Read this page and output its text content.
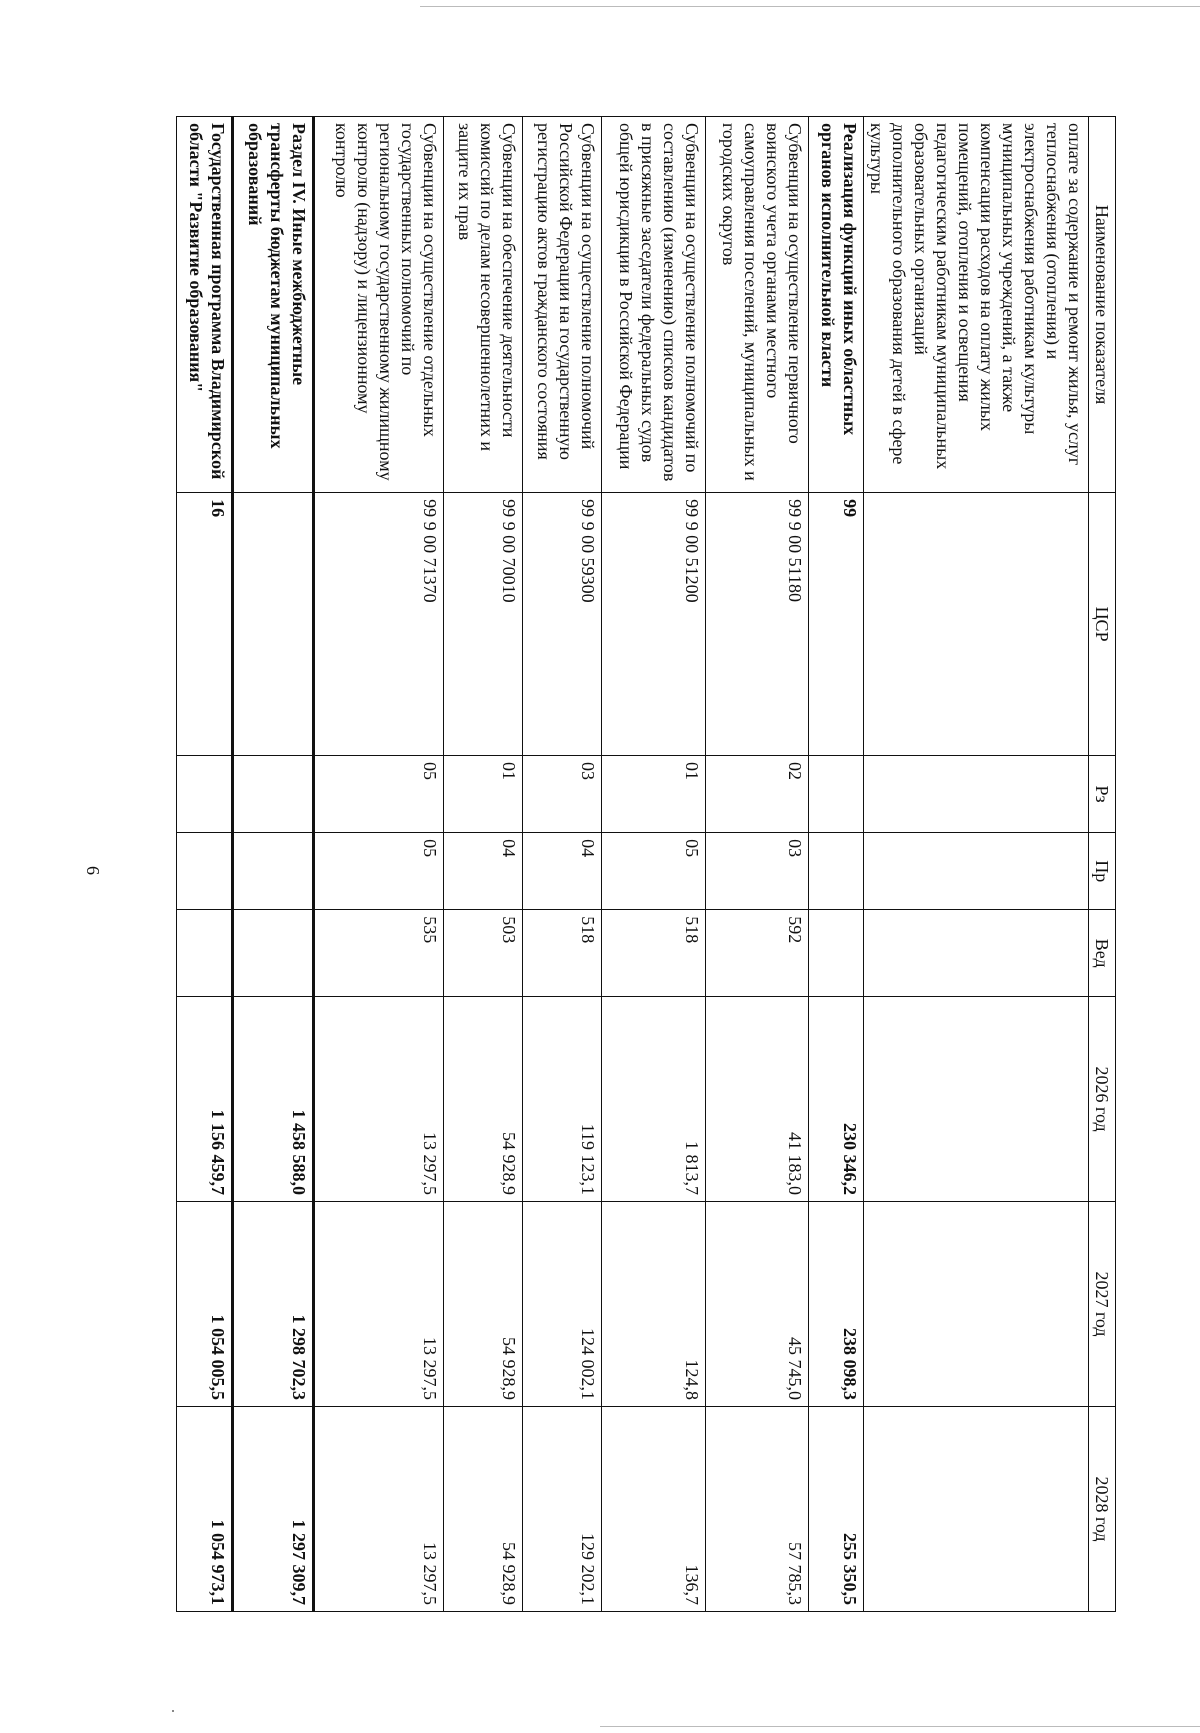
6
Наименование показателя	ЦСР	Рз	Пр	Вед	2026 год	2027 год	2028 год
оплате за содержание и ремонт жилья, услуг теплоснабжения (отопления) и электроснабжения работникам культуры муниципальных учреждений, а также компенсации расходов на оплату жилых помещений, отопления и освещения педагогическим работникам муниципальных образовательных организаций дополнительного образования детей в сфере культуры							
Реализация функций иных областных органов исполнительной власти	99				230 346,2	238 098,3	255 350,5
Субвенции на осуществление первичного воинского учета органами местного самоуправления поселений, муниципальных и городских округов	99 9 00 51180	02	03	592	41 183,0	45 745,0	57 785,3
Субвенции на осуществление полномочий по составлению (изменению) списков кандидатов в присяжные заседатели федеральных судов общей юрисдикции в Российской Федерации	99 9 00 51200	01	05	518	1 813,7	124,8	136,7
Субвенции на осуществление полномочий Российской Федерации на государственную регистрацию актов гражданского состояния	99 9 00 59300	03	04	518	119 123,1	124 002,1	129 202,1
Субвенции на обеспечение деятельности комиссий по делам несовершеннолетних и защите их прав	99 9 00 70010	01	04	503	54 928,9	54 928,9	54 928,9
Субвенции на осуществление отдельных государственных полномочий по региональному государственному жилищному контролю (надзору) и лицензионному контролю	99 9 00 71370	05	05	535	13 297,5	13 297,5	13 297,5
Раздел IV. Иные межбюджетные трансферты бюджетам муниципальных образований					1 458 588,0	1 298 702,3	1 297 309,7
Государственная программа Владимирской области "Развитие образования"	16				1 156 459,7	1 054 005,5	1 054 973,1
